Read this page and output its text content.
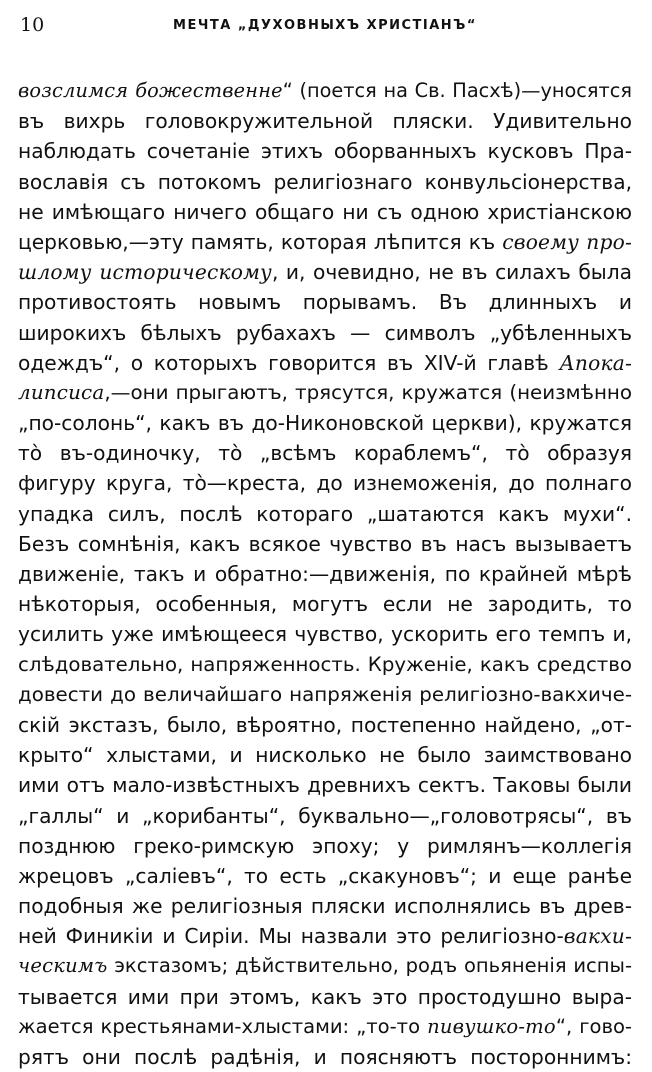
10	МЕЧТА „ДУХОВНЫХЪ ХРИСТІАНЪ“
возслимся божественне“ (поется на Св. Пасхѣ)—уносятся
въ вихрь головокружительной пляски. Удивительно
наблюдать сочетаніе этихъ оборванныхъ кусковъ Пра-
вославія съ потокомъ религіознаго конвульсіонерства,
не имѣющаго ничего общаго ни съ одною христіанскою
церковью,—эту память, которая лѣпится къ своему про-
шлому историческому, и, очевидно, не въ силахъ была
противостоять новымъ порывамъ. Въ длинныхъ и
широкихъ бѣлыхъ рубахахъ — символъ „убѣленныхъ
одеждъ“, о которыхъ говорится въ XIV-й главѣ Апока-
липсиса,—они прыгаютъ, трясутся, кружатся (неизмѣнно
„по-солонь“, какъ въ до-Никоновской церкви), кружатся
то̀ въ-одиночку, то̀ „всѣмъ кораблемъ“, то̀ образуя
фигуру круга, то̀—креста, до изнеможенія, до полнаго
упадка силъ, послѣ котораго „шатаются какъ мухи“.
Безъ сомнѣнія, какъ всякое чувство въ насъ вызываетъ
движеніе, такъ и обратно:—движенія, по крайней мѣрѣ
нѣкоторыя, особенныя, могутъ если не зародить, то
усилить уже имѣющееся чувство, ускорить его темпъ и,
слѣдовательно, напряженность. Круженіе, какъ средство
довести до величайшаго напряженія религіозно-вакхиче-
скій экстазъ, было, вѣроятно, постепенно найдено, „от-
крыто“ хлыстами, и нисколько не было заимствовано
ими отъ мало-извѣстныхъ древнихъ сектъ. Таковы были
„галлы“ и „корибанты“, буквально—„головотрясы“, въ
позднюю греко-римскую эпоху; у римлянъ—коллегія
жрецовъ „саліевъ“, то есть „скакуновъ“; и еще ранѣе
подобныя же религіозныя пляски исполнялись въ древ-
ней Финикіи и Сиріи. Мы назвали это религіозно-вакхи-
ческимъ экстазомъ; дѣйствительно, родъ опьяненія испы-
тывается ими при этомъ, какъ это простодушно выра-
жается крестьянами-хлыстами: „то-то пивушко-то“, гово-
рятъ они послѣ радѣнія, и поясняютъ постороннимъ:
